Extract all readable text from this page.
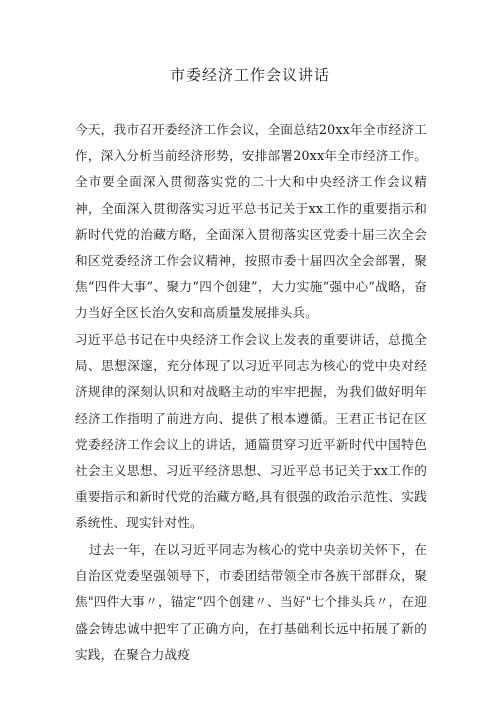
市委经济工作会议讲话

今天，我市召开委经济工作会议，全面总结20xx年全市经济工作，深入分析当前经济形势，安排部署20xx年全市经济工作。全市要全面深入贯彻落实党的二十大和中央经济工作会议精神，全面深入贯彻落实习近平总书记关于xx工作的重要指示和新时代党的治藏方略，全面深入贯彻落实区党委十届三次全会和区党委经济工作会议精神，按照市委十届四次全会部署，聚焦“四件大事”、聚力“四个创建”，大力实施“强中心”战略，奋力当好全区长治久安和高质量发展排头兵。

习近平总书记在中央经济工作会议上发表的重要讲话，总揽全局、思想深邃，充分体现了以习近平同志为核心的党中央对经济规律的深刻认识和对战略主动的牢牢把握，为我们做好明年经济工作指明了前进方向、提供了根本遵循。王君正书记在区党委经济工作会议上的讲话，通篇贯穿习近平新时代中国特色社会主义思想、习近平经济思想、习近平总书记关于xx工作的重要指示和新时代党的治藏方略,具有很强的政治示范性、实践系统性、现实针对性。

过去一年，在以习近平同志为核心的党中央亲切关怀下，在自治区党委坚强领导下，市委团结带领全市各族干部群众，聚焦"四件大事〃，锚定“四个创建〃、当好"七个排头兵〃，在迎盛会铸忠诚中把牢了正确方向，在打基础利长远中拓展了新的实践，在聚合力战疫
